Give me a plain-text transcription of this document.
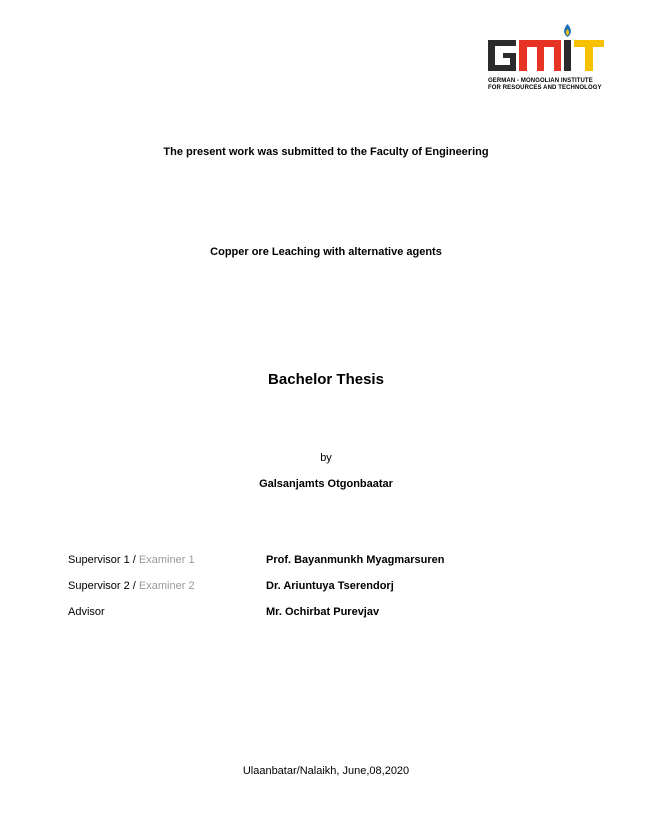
GERMAN - MONGOLIAN INSTITUTE
FOR RESOURCES AND TECHNOLOGY
The present work was submitted to the Faculty of Engineering
Copper ore Leaching with alternative agents
Bachelor Thesis
by
Galsanjamts Otgonbaatar
Supervisor 1 / Examiner 1	Prof. Bayanmunkh Myagmarsuren
Supervisor 2 / Examiner 2	Dr. Ariuntuya Tserendorj
Advisor	Mr. Ochirbat Purevjav
Ulaanbatar/Nalaikh, June,08,2020
